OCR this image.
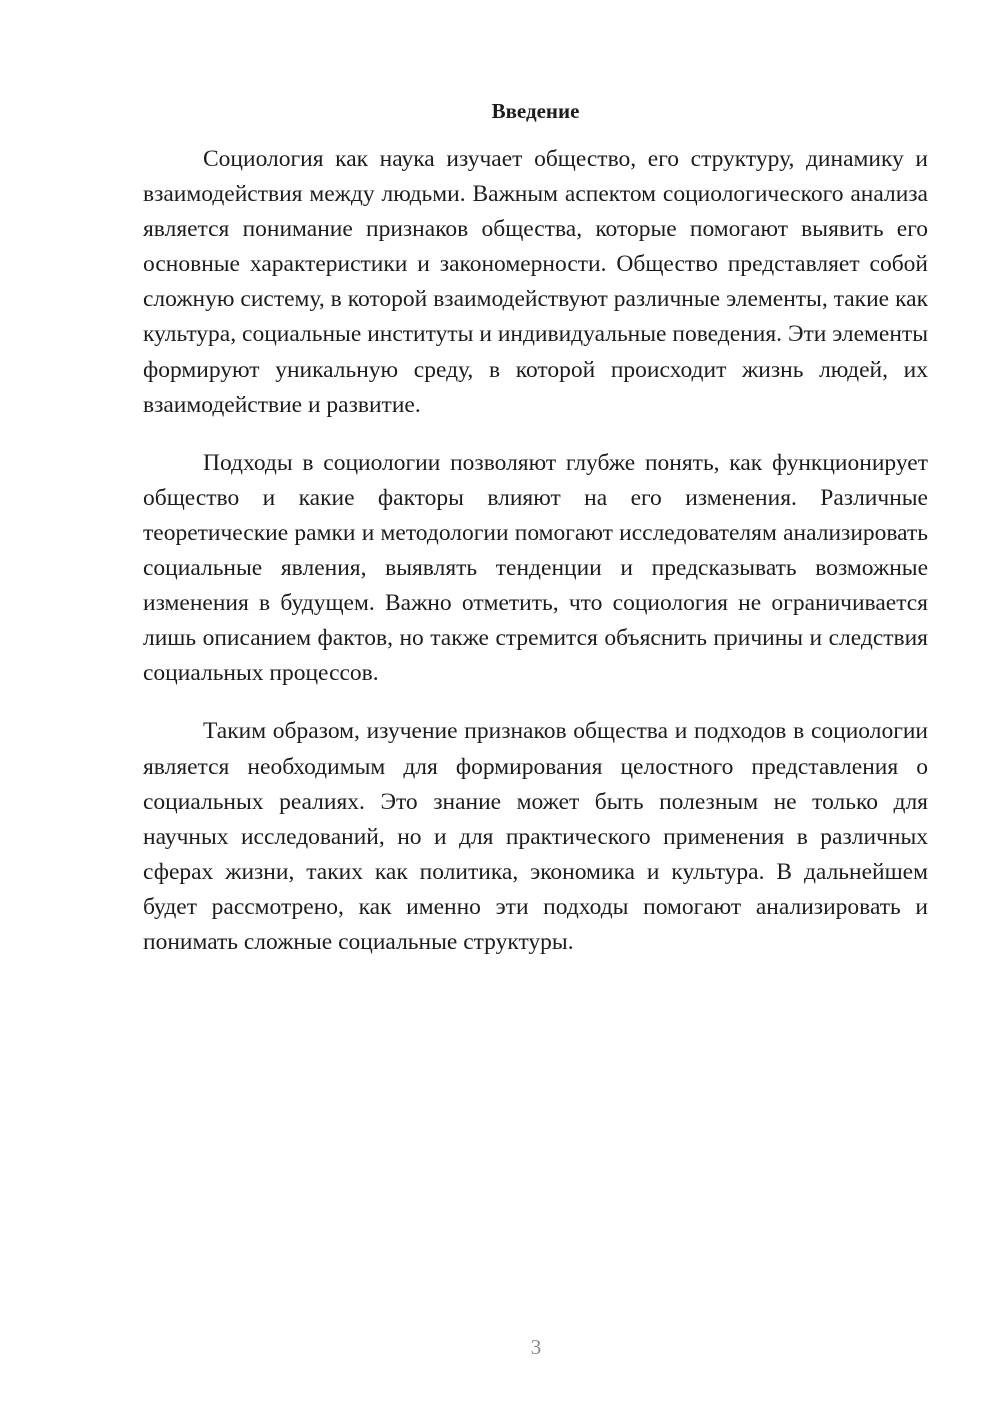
Введение

Социология как наука изучает общество, его структуру, динамику и взаимодействия между людьми. Важным аспектом социологического анализа является понимание признаков общества, которые помогают выявить его основные характеристики и закономерности. Общество представляет собой сложную систему, в которой взаимодействуют различные элементы, такие как культура, социальные институты и индивидуальные поведения. Эти элементы формируют уникальную среду, в которой происходит жизнь людей, их взаимодействие и развитие.

Подходы в социологии позволяют глубже понять, как функционирует общество и какие факторы влияют на его изменения. Различные теоретические рамки и методологии помогают исследователям анализировать социальные явления, выявлять тенденции и предсказывать возможные изменения в будущем. Важно отметить, что социология не ограничивается лишь описанием фактов, но также стремится объяснить причины и следствия социальных процессов.

Таким образом, изучение признаков общества и подходов в социологии является необходимым для формирования целостного представления о социальных реалиях. Это знание может быть полезным не только для научных исследований, но и для практического применения в различных сферах жизни, таких как политика, экономика и культура. В дальнейшем будет рассмотрено, как именно эти подходы помогают анализировать и понимать сложные социальные структуры.

3
